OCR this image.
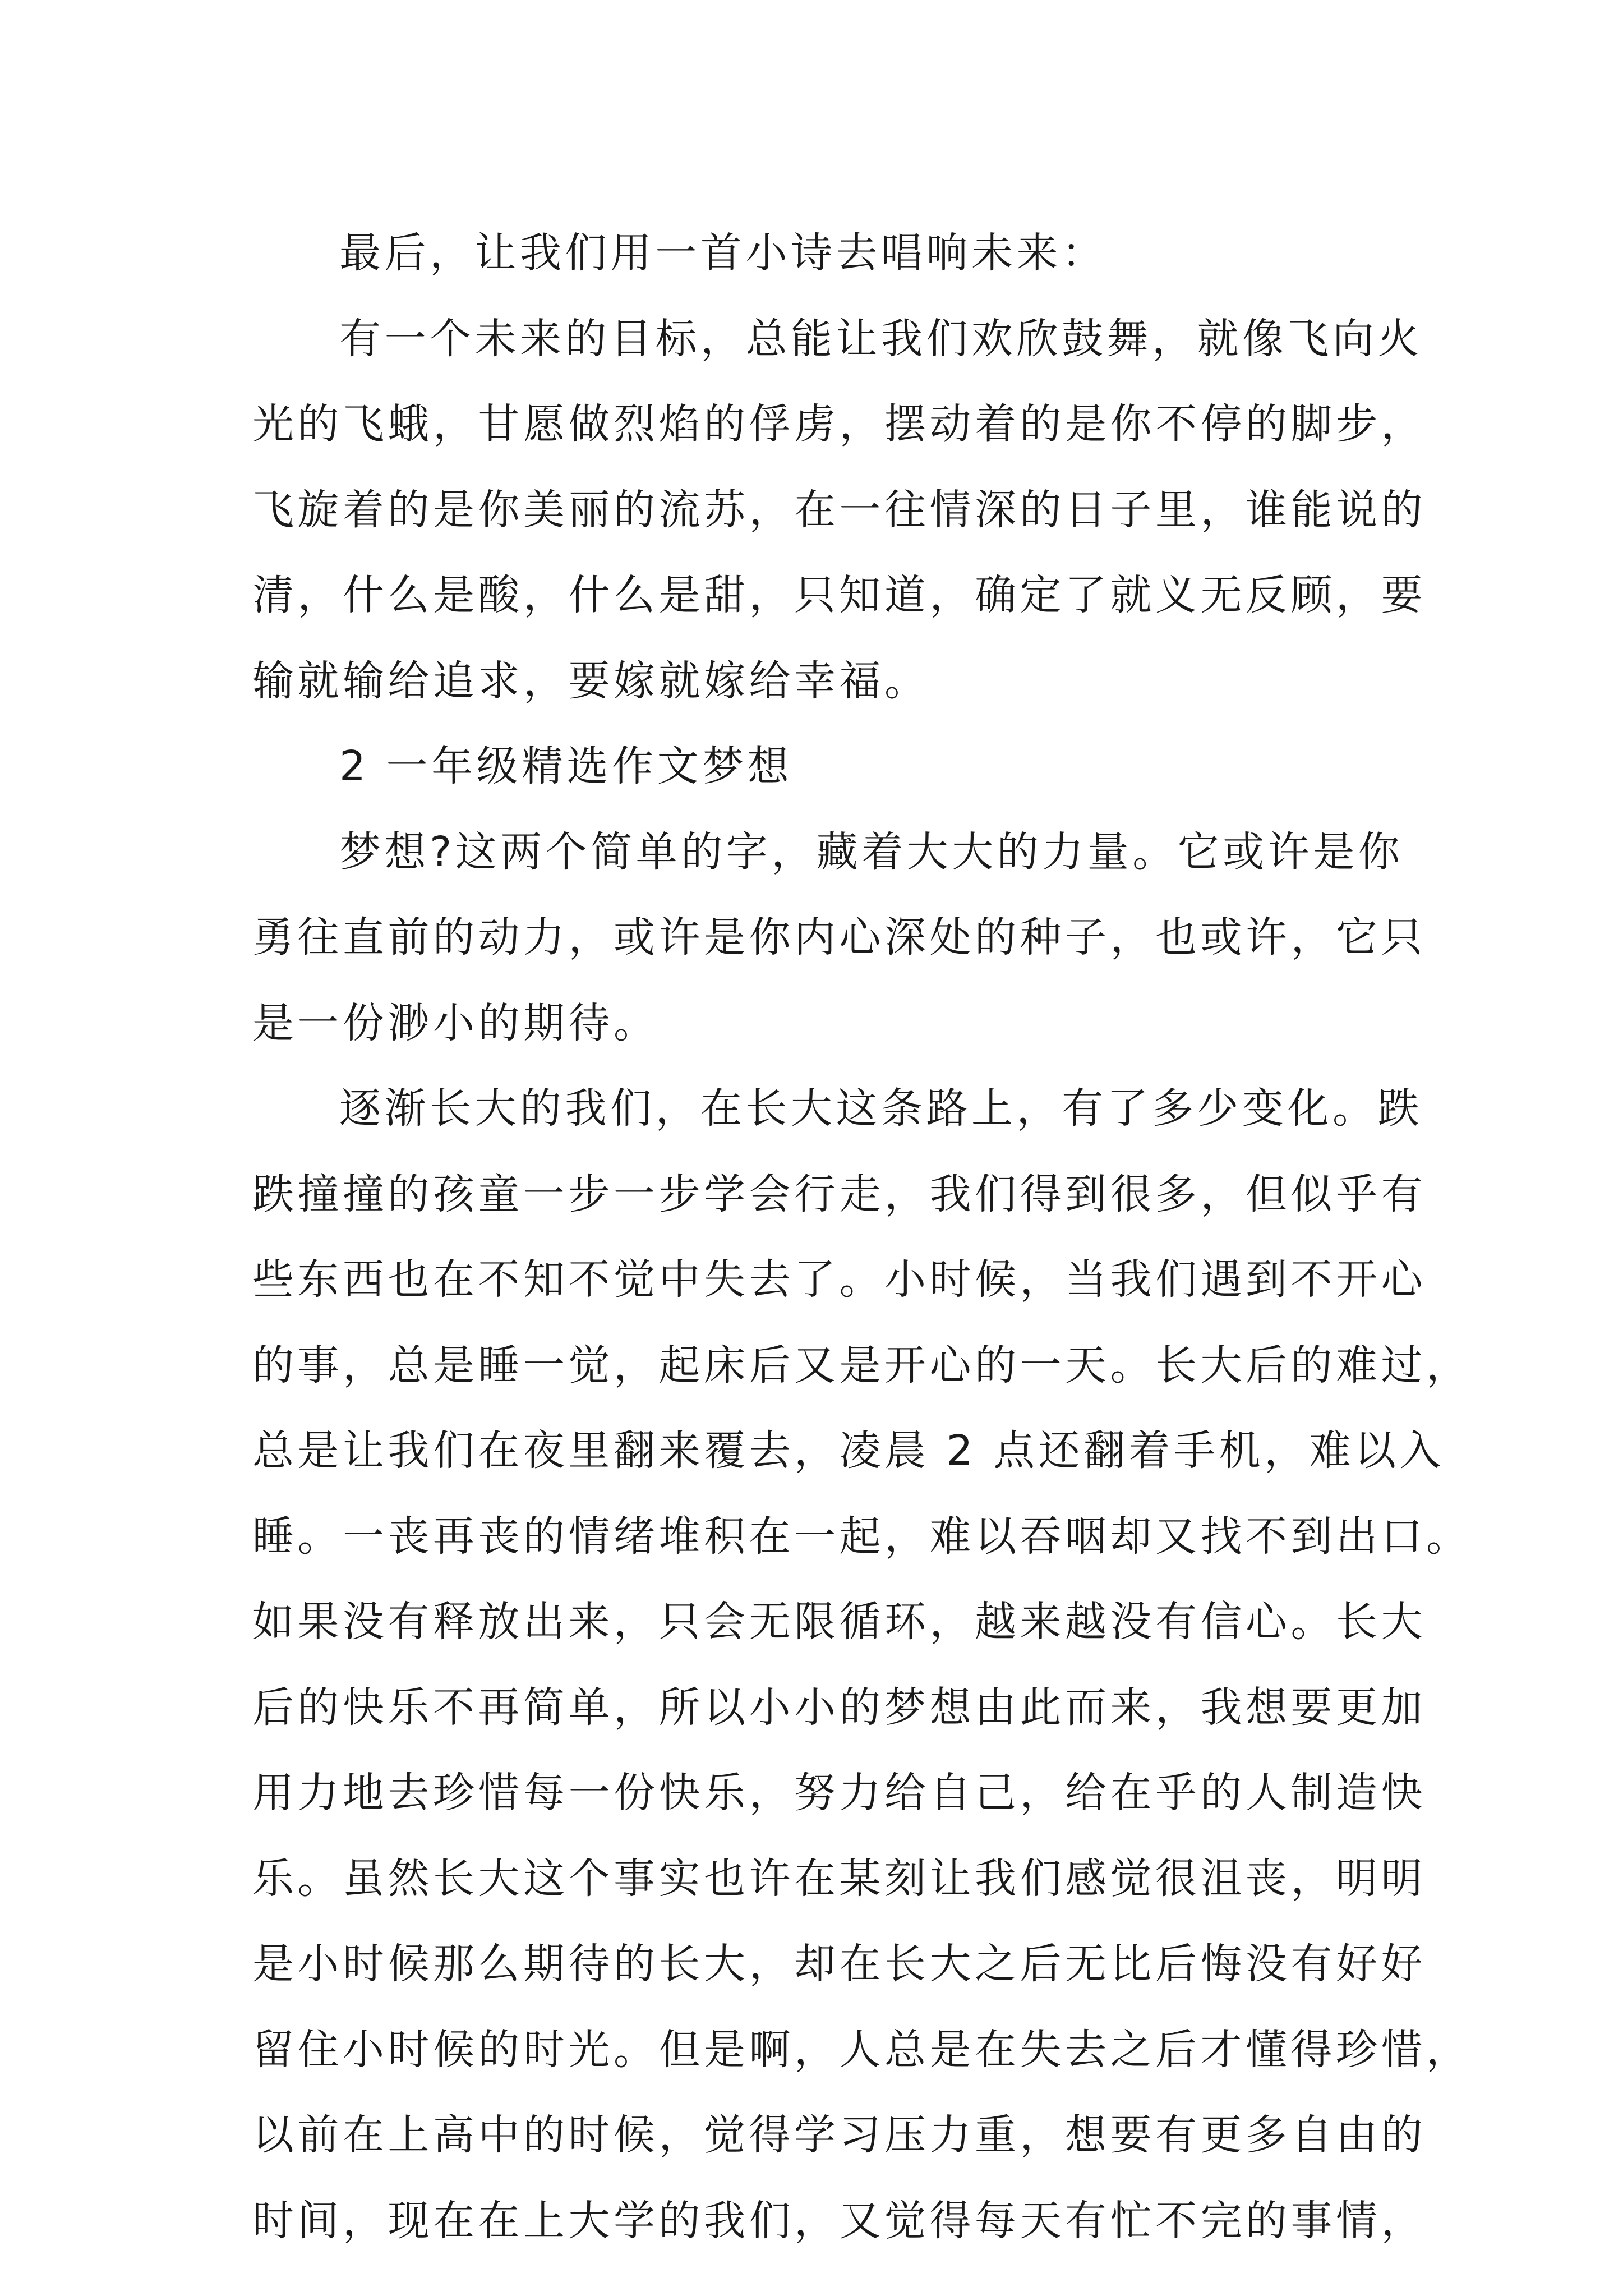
最后，让我们用一首小诗去唱响未来：
有一个未来的目标，总能让我们欢欣鼓舞，就像飞向火
光的飞蛾，甘愿做烈焰的俘虏，摆动着的是你不停的脚步，
飞旋着的是你美丽的流苏，在一往情深的日子里，谁能说的
清，什么是酸，什么是甜，只知道，确定了就义无反顾，要
输就输给追求，要嫁就嫁给幸福。
2 一年级精选作文梦想
梦想?这两个简单的字，藏着大大的力量。它或许是你
勇往直前的动力，或许是你内心深处的种子，也或许，它只
是一份渺小的期待。
逐渐长大的我们，在长大这条路上，有了多少变化。跌
跌撞撞的孩童一步一步学会行走，我们得到很多，但似乎有
些东西也在不知不觉中失去了。小时候，当我们遇到不开心
的事，总是睡一觉，起床后又是开心的一天。长大后的难过，
总是让我们在夜里翻来覆去，凌晨 2 点还翻着手机，难以入
睡。一丧再丧的情绪堆积在一起，难以吞咽却又找不到出口。
如果没有释放出来，只会无限循环，越来越没有信心。长大
后的快乐不再简单，所以小小的梦想由此而来，我想要更加
用力地去珍惜每一份快乐，努力给自己，给在乎的人制造快
乐。虽然长大这个事实也许在某刻让我们感觉很沮丧，明明
是小时候那么期待的长大，却在长大之后无比后悔没有好好
留住小时候的时光。但是啊，人总是在失去之后才懂得珍惜，
以前在上高中的时候，觉得学习压力重，想要有更多自由的
时间，现在在上大学的我们，又觉得每天有忙不完的事情，
